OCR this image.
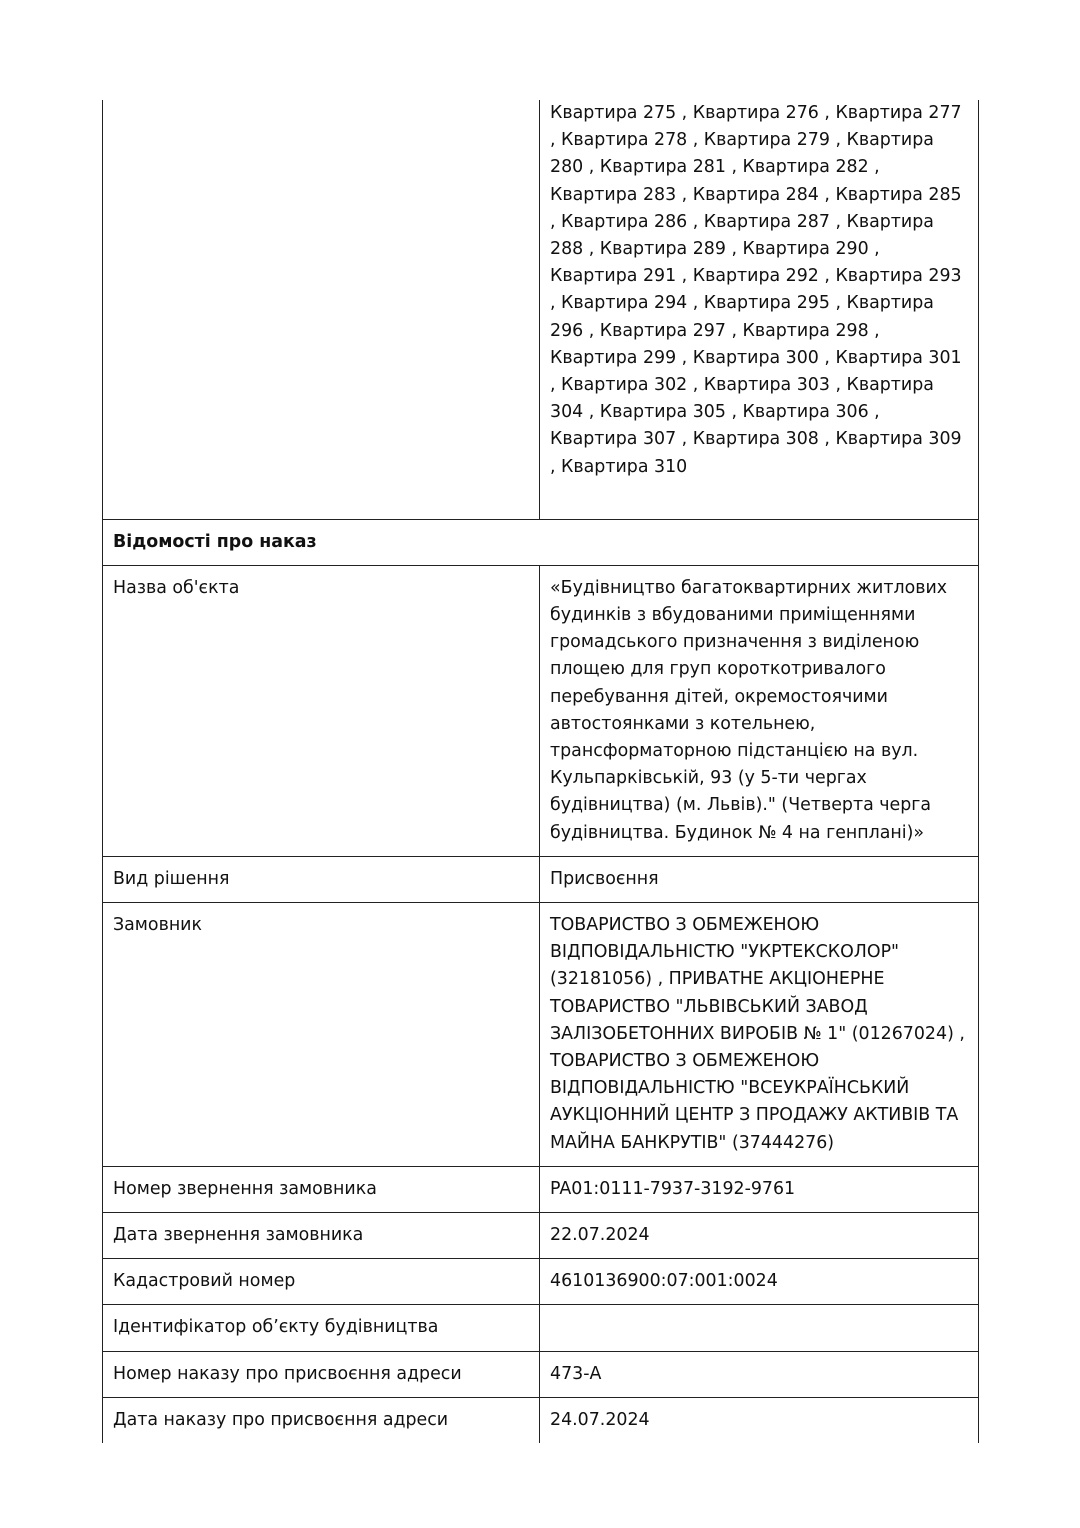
	Квартира 275 , Квартира 276 , Квартира 277 , Квартира 278 , Квартира 279 , Квартира 280 , Квартира 281 , Квартира 282 , Квартира 283 , Квартира 284 , Квартира 285 , Квартира 286 , Квартира 287 , Квартира 288 , Квартира 289 , Квартира 290 , Квартира 291 , Квартира 292 , Квартира 293 , Квартира 294 , Квартира 295 , Квартира 296 , Квартира 297 , Квартира 298 , Квартира 299 , Квартира 300 , Квартира 301 , Квартира 302 , Квартира 303 , Квартира 304 , Квартира 305 , Квартира 306 , Квартира 307 , Квартира 308 , Квартира 309 , Квартира 310
Відомості про наказ	
Назва об'єкта	«Будівництво багатоквартирних житлових будинків з вбудованими приміщеннями громадського призначення з виділеною площею для груп короткотривалого перебування дітей, окремостоячими автостоянками з котельнею, трансформаторною підстанцією на вул. Кульпарківській, 93 (у 5-ти чергах будівництва) (м. Львів)." (Четверта черга будівництва. Будинок № 4 на генплані)»
Вид рішення	Присвоєння
Замовник	ТОВАРИСТВО З ОБМЕЖЕНОЮ ВІДПОВІДАЛЬНІСТЮ "УКРТЕКСКОЛОР" (32181056) , ПРИВАТНЕ АКЦІОНЕРНЕ ТОВАРИСТВО "ЛЬВІВСЬКИЙ ЗАВОД ЗАЛІЗОБЕТОННИХ ВИРОБІВ № 1" (01267024) , ТОВАРИСТВО З ОБМЕЖЕНОЮ ВІДПОВІДАЛЬНІСТЮ "ВСЕУКРАЇНСЬКИЙ АУКЦІОННИЙ ЦЕНТР З ПРОДАЖУ АКТИВІВ ТА МАЙНА БАНКРУТІВ" (37444276)
Номер звернення замовника	PA01:0111-7937-3192-9761
Дата звернення замовника	22.07.2024
Кадастровий номер	4610136900:07:001:0024
Ідентифікатор об’єкту будівництва	
Номер наказу про присвоєння адреси	473-А
Дата наказу про присвоєння адреси	24.07.2024
